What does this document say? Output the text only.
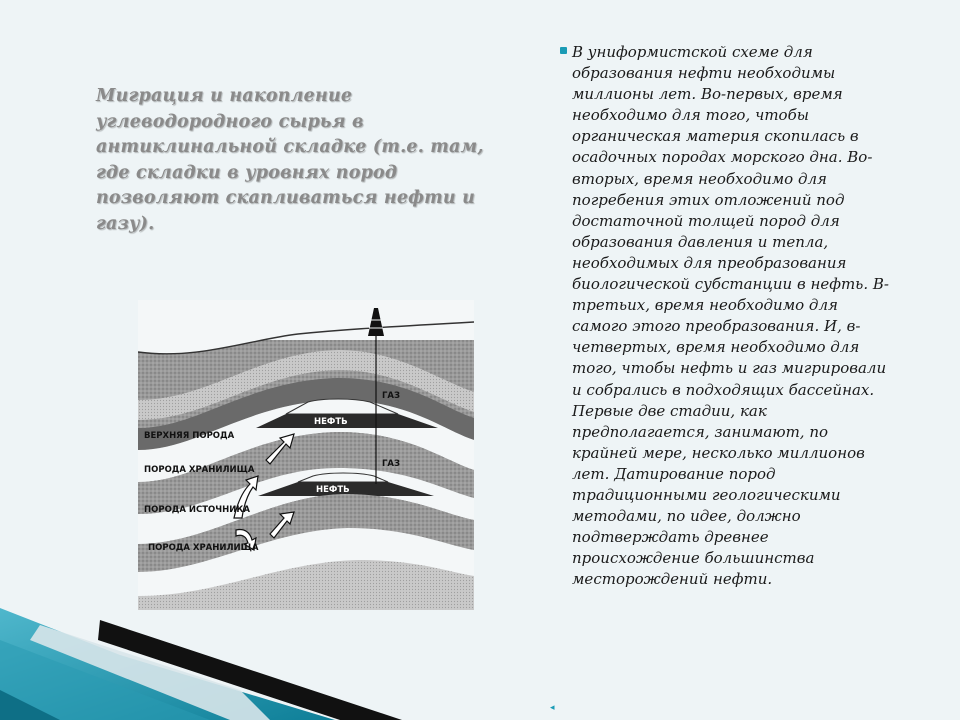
Миграция и накопление углеводородного сырья в антиклинальной складке (т.е. там, где складки в уровнях пород позволяют скапливаться нефти и газу).
В униформистской схеме для образования нефти необходимы миллионы лет. Во-первых, время необходимо для того, чтобы органическая материя скопилась в осадочных породах морского дна. Во-вторых, время необходимо для погребения этих отложений под достаточной толщей пород для образования давления и тепла, необходимых для преобразования биологической субстанции в нефть. В-третьих, время необходимо для самого этого преобразования. И, в-четвертых, время необходимо для того, чтобы нефть и газ мигрировали и собрались в подходящих бассейнах. Первые две стадии, как предполагается, занимают, по крайней мере, несколько миллионов лет. Датирование пород традиционными геологическими методами, по идее, должно подтверждать древнее происхождение большинства месторождений нефти.
ГАЗ
НЕФТЬ
ВЕРХНЯЯ ПОРОДА
ПОРОДА ХРАНИЛИЩА
ГАЗ
НЕФТЬ
ПОРОДА ИСТОЧНИКА
ПОРОДА ХРАНИЛИЩА
◂
